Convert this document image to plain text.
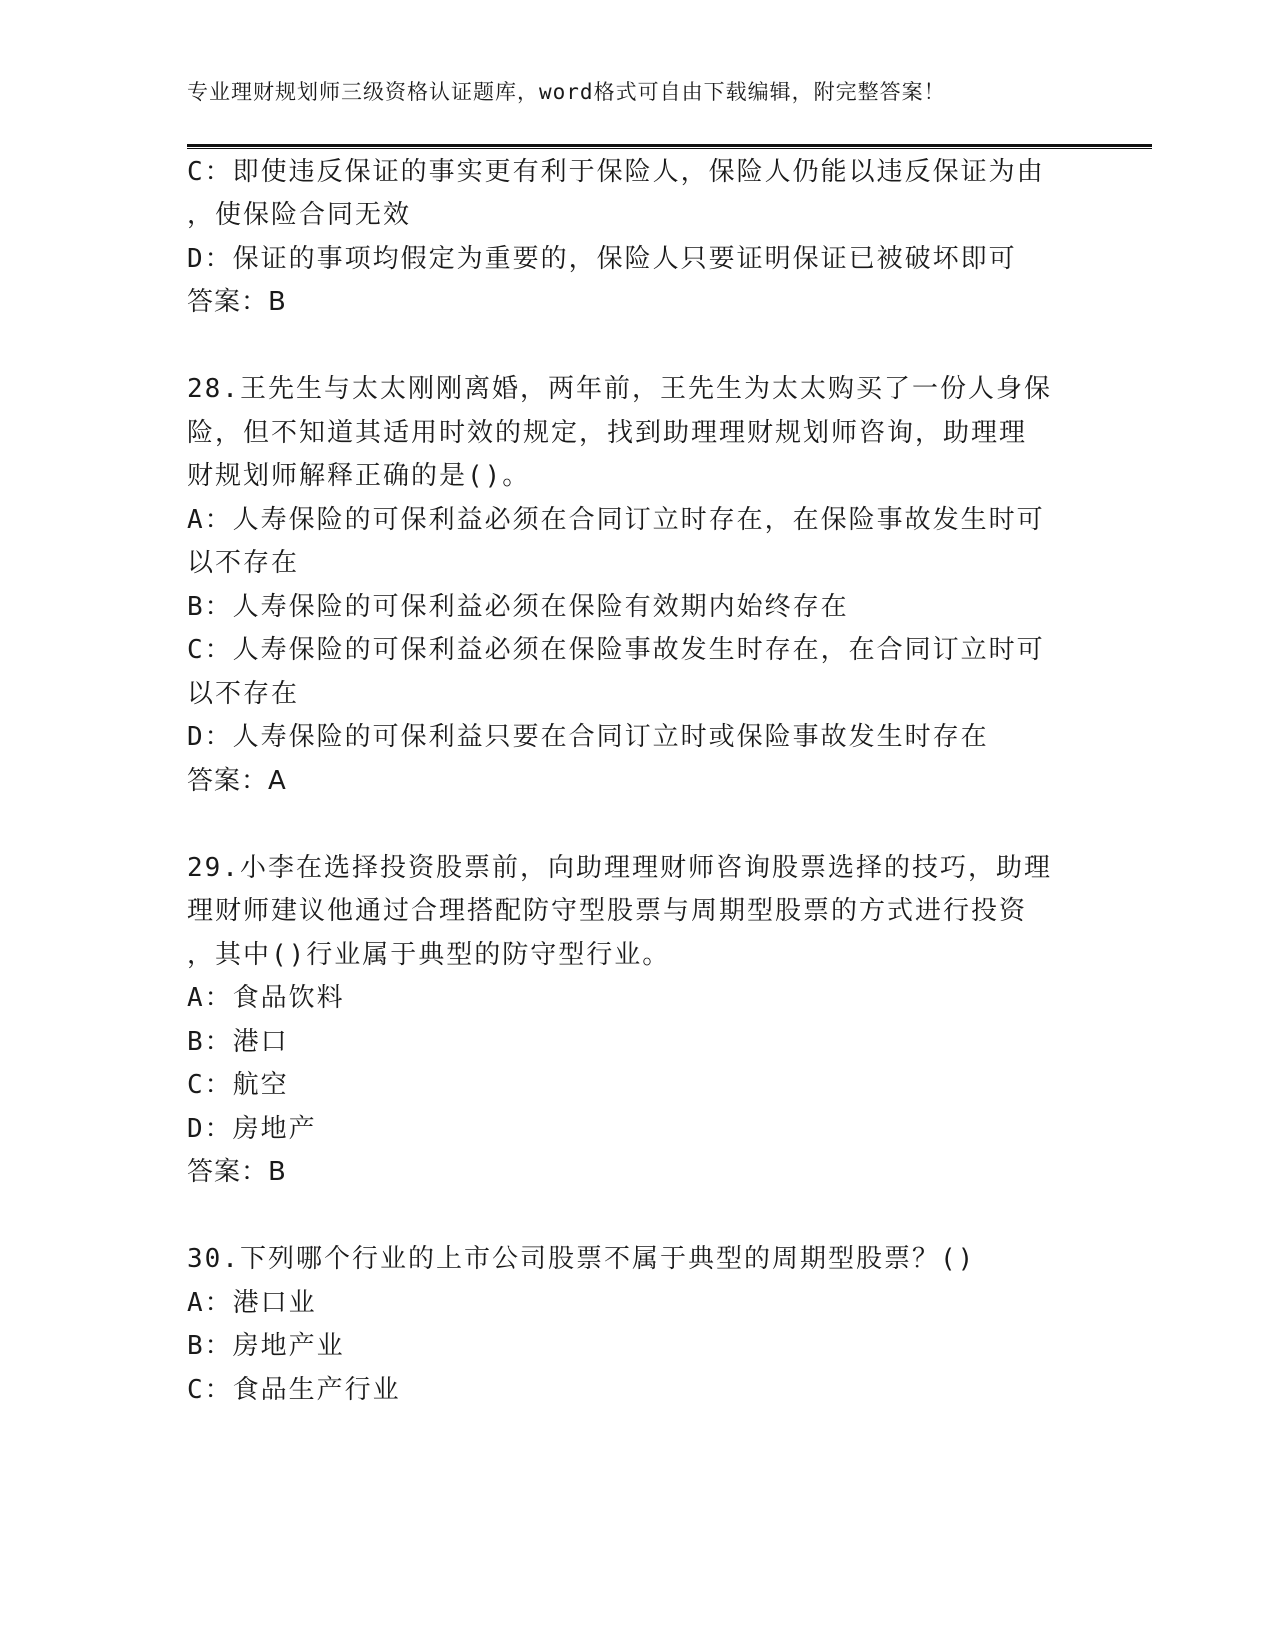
专业理财规划师三级资格认证题库，word格式可自由下载编辑，附完整答案！
C：即使违反保证的事实更有利于保险人，保险人仍能以违反保证为由
，使保险合同无效
D：保证的事项均假定为重要的，保险人只要证明保证已被破坏即可
答案：B
28.王先生与太太刚刚离婚，两年前，王先生为太太购买了一份人身保
险，但不知道其适用时效的规定，找到助理理财规划师咨询，助理理
财规划师解释正确的是()。
A：人寿保险的可保利益必须在合同订立时存在，在保险事故发生时可
以不存在
B：人寿保险的可保利益必须在保险有效期内始终存在
C：人寿保险的可保利益必须在保险事故发生时存在，在合同订立时可
以不存在
D：人寿保险的可保利益只要在合同订立时或保险事故发生时存在
答案：A
29.小李在选择投资股票前，向助理理财师咨询股票选择的技巧，助理
理财师建议他通过合理搭配防守型股票与周期型股票的方式进行投资
，其中()行业属于典型的防守型行业。
A：食品饮料
B：港口
C：航空
D：房地产
答案：B
30.下列哪个行业的上市公司股票不属于典型的周期型股票？()
A：港口业
B：房地产业
C：食品生产行业
